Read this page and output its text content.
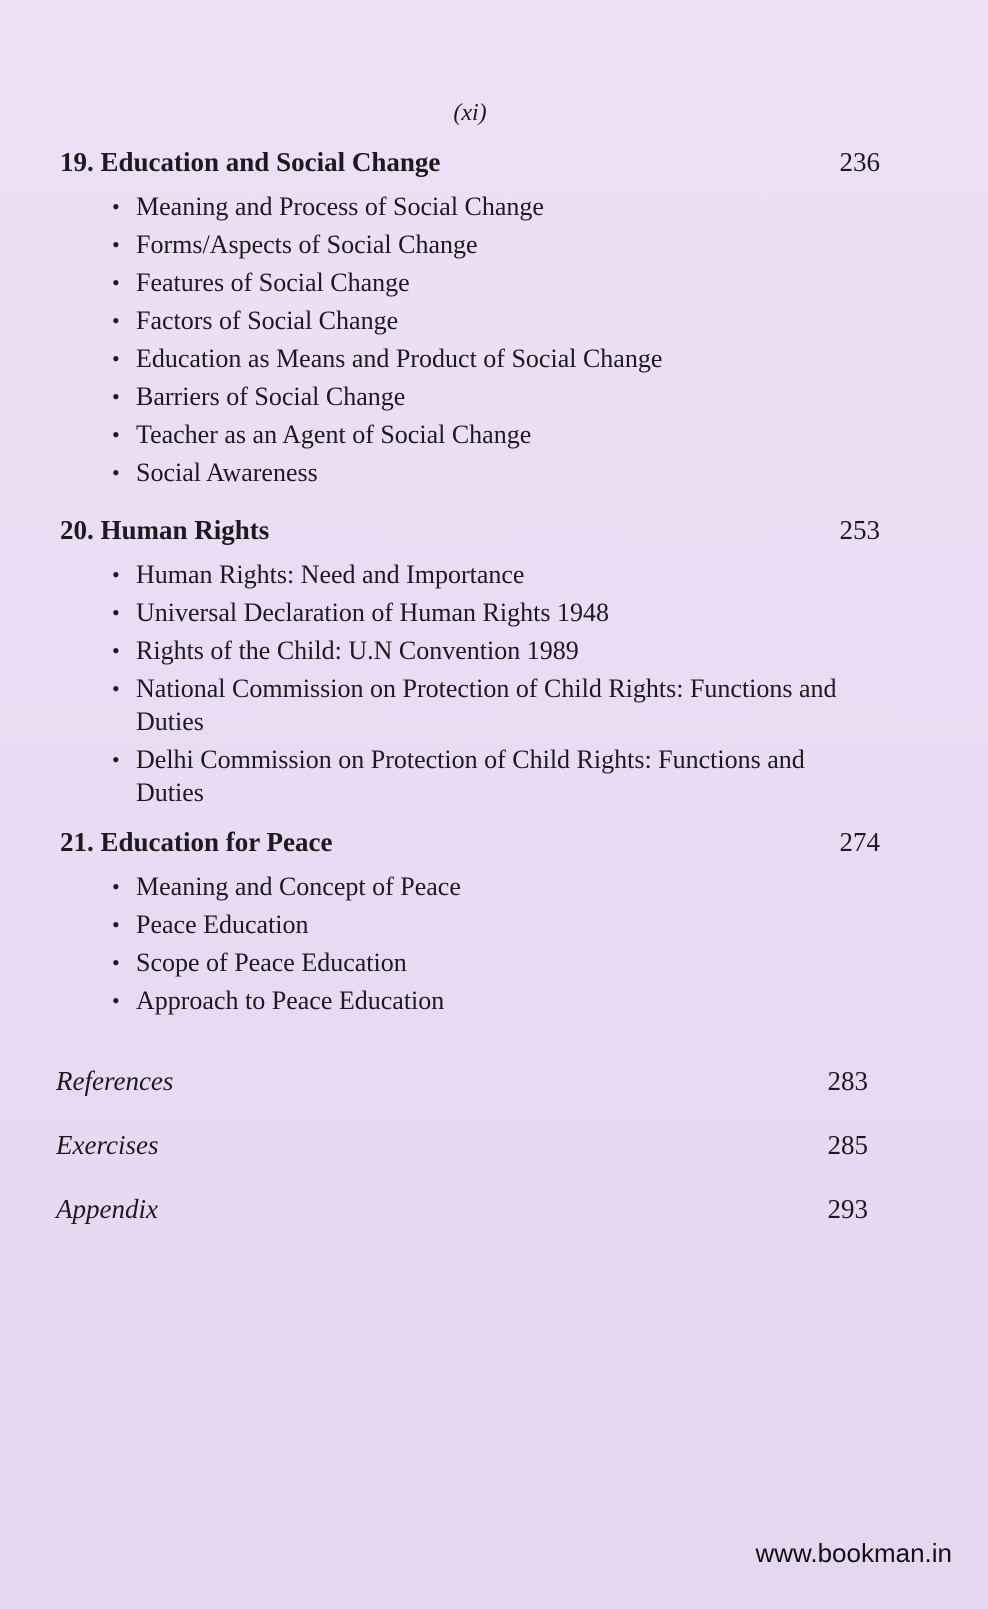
(xi)
19. Education and Social Change	236
• Meaning and Process of Social Change
• Forms/Aspects of Social Change
• Features of Social Change
• Factors of Social Change
• Education as Means and Product of Social Change
• Barriers of Social Change
• Teacher as an Agent of Social Change
• Social Awareness
20. Human Rights	253
• Human Rights: Need and Importance
• Universal Declaration of Human Rights 1948
• Rights of the Child: U.N Convention 1989
• National Commission on Protection of Child Rights: Functions and Duties
• Delhi Commission on Protection of Child Rights: Functions and Duties
21. Education for Peace	274
• Meaning and Concept of Peace
• Peace Education
• Scope of Peace Education
• Approach to Peace Education
References	283
Exercises	285
Appendix	293
www.bookman.in
